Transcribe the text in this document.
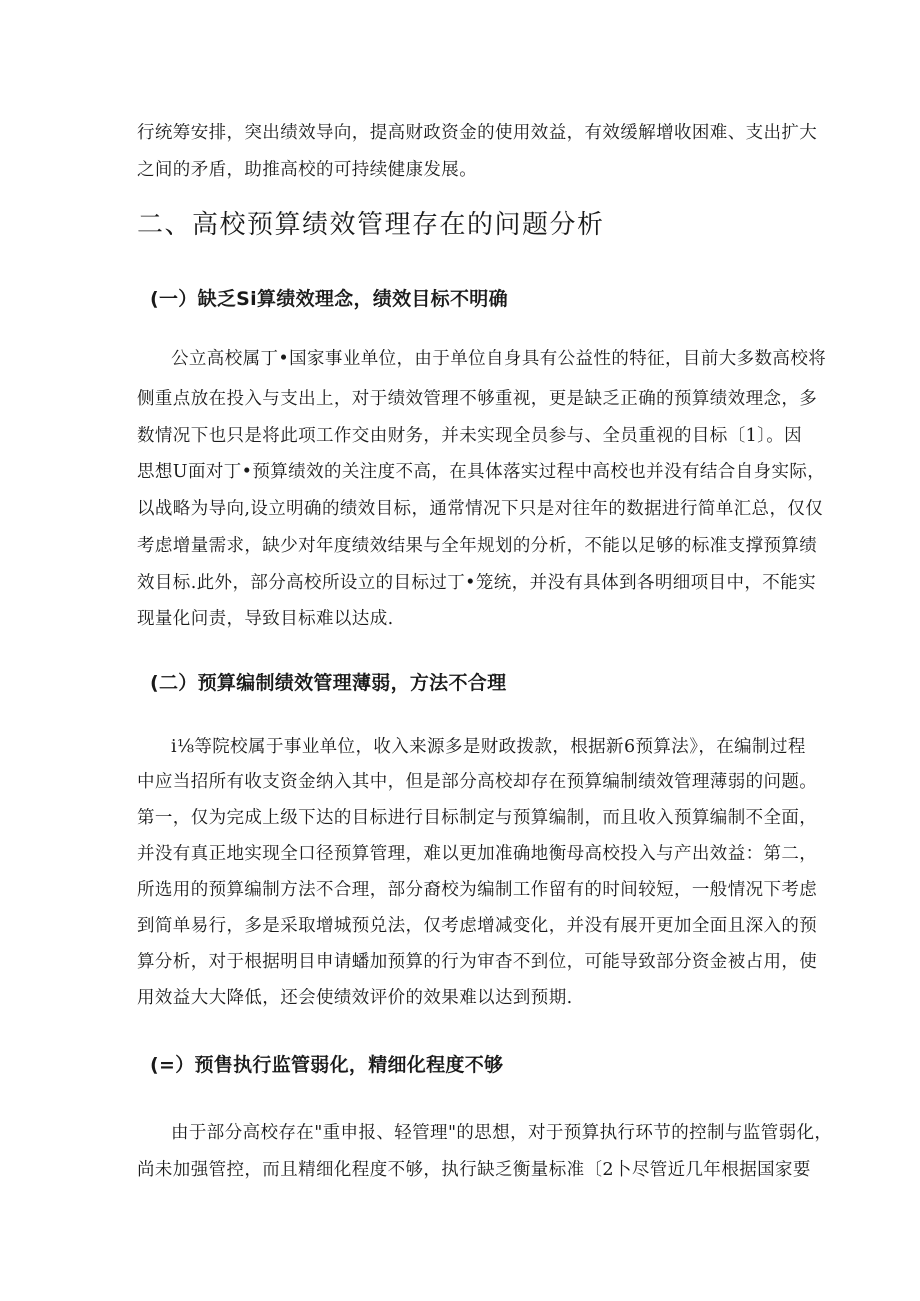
行统筹安排，突出绩效导向，提高财政资金的使用效益，有效缓解增收困难、支出扩大
之间的矛盾，助推高校的可持续健康发展。
二、高校预算绩效管理存在的问题分析
(一）缺乏Si算绩效理念，绩效目标不明确
公立高校属丁•国家事业单位，由于单位自身具有公益性的特征，目前大多数高校将
侧重点放在投入与支出上，对于绩效管理不够重视，更是缺乏正确的预算绩效理念，多
数情况下也只是将此项工作交由财务，并未实现全员参与、全员重视的目标〔1〕。因
思想U面对丁•预算绩效的关注度不高，在具体落实过程中高校也并没有结合自身实际，
以战略为导向,设立明确的绩效目标，通常情况下只是对往年的数据进行简单汇总，仅仅
考虑增量需求，缺少对年度绩效结果与全年规划的分析，不能以足够的标准支撑预算绩
效目标.此外，部分高校所设立的目标过丁•笼统，并没有具体到各明细项目中，不能实
现量化问责，导致目标难以达成.
(二）预算编制绩效管理薄弱，方法不合理
i⅛等院校属于事业单位，收入来源多是财政拨款，根据新6预算法》，在编制过程
中应当招所有收支资金纳入其中，但是部分高校却存在预算编制绩效管理薄弱的问题。
第一，仅为完成上级下达的目标进行目标制定与预算编制，而且收入预算编制不全面，
并没有真正地实现全口径预算管理，难以更加准确地衡母高校投入与产出效益：第二，
所选用的预算编制方法不合理，部分裔校为编制工作留有的时间较短，一般情况下考虑
到简单易行，多是采取增城预兑法，仅考虑增减变化，并没有展开更加全面且深入的预
算分析，对于根据明目申请蟠加预算的行为审杳不到位，可能导致部分资金被占用，使
用效益大大降低，还会使绩效评价的效果难以达到预期.
(=）预售执行监管弱化，精细化程度不够
由于部分高校存在"重申报、轻管理"的思想，对于预算执行环节的控制与监管弱化，
尚未加强管控，而且精细化程度不够，执行缺乏衡量标准〔2卜尽管近几年根据国家要
